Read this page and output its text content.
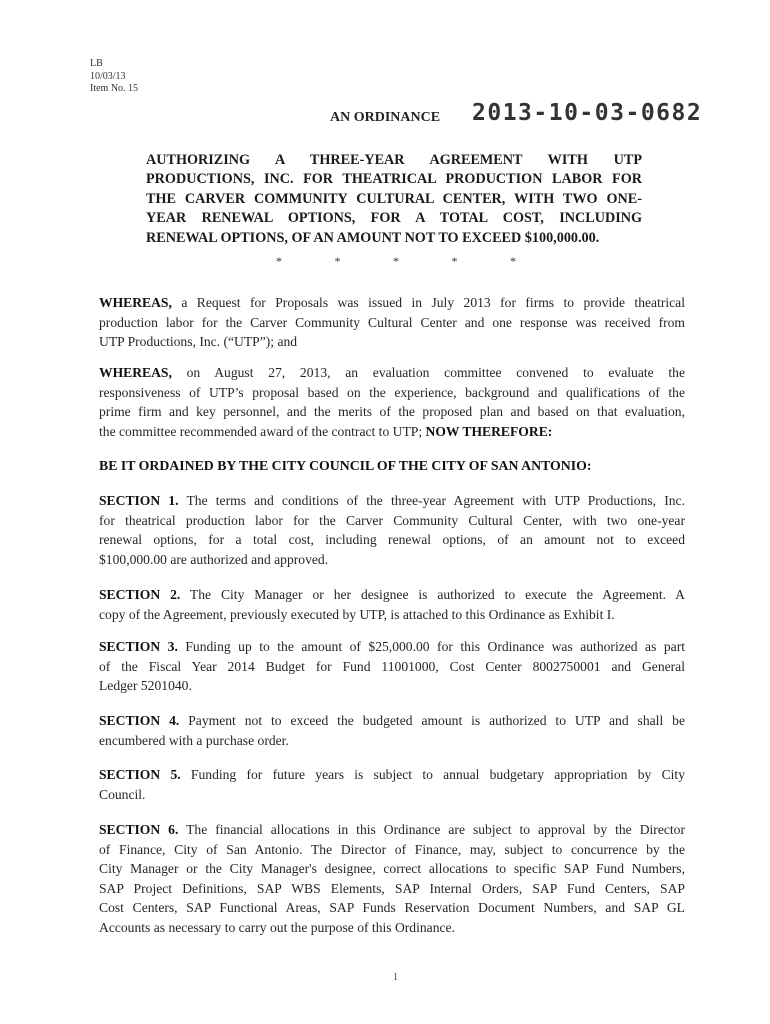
LB
10/03/13
Item No. 15
AN ORDINANCE 2013-10-03-0682
AUTHORIZING A THREE-YEAR AGREEMENT WITH UTP
PRODUCTIONS, INC. FOR THEATRICAL PRODUCTION LABOR FOR
THE CARVER COMMUNITY CULTURAL CENTER, WITH TWO ONE-
YEAR RENEWAL OPTIONS, FOR A TOTAL COST, INCLUDING
RENEWAL OPTIONS, OF AN AMOUNT NOT TO EXCEED $100,000.00.
*	*	*	*	*
WHEREAS, a Request for Proposals was issued in July 2013 for firms to provide theatrical
production labor for the Carver Community Cultural Center and one response was received from
UTP Productions, Inc. (“UTP”); and
WHEREAS, on August 27, 2013, an evaluation committee convened to evaluate the
responsiveness of UTP’s proposal based on the experience, background and qualifications of the
prime firm and key personnel, and the merits of the proposed plan and based on that evaluation,
the committee recommended award of the contract to UTP; NOW THEREFORE:
BE IT ORDAINED BY THE CITY COUNCIL OF THE CITY OF SAN ANTONIO:
SECTION 1. The terms and conditions of the three-year Agreement with UTP Productions, Inc.
for theatrical production labor for the Carver Community Cultural Center, with two one-year
renewal options, for a total cost, including renewal options, of an amount not to exceed
$100,000.00 are authorized and approved.
SECTION 2. The City Manager or her designee is authorized to execute the Agreement. A
copy of the Agreement, previously executed by UTP, is attached to this Ordinance as Exhibit I.
SECTION 3. Funding up to the amount of $25,000.00 for this Ordinance was authorized as part
of the Fiscal Year 2014 Budget for Fund 11001000, Cost Center 8002750001 and General
Ledger 5201040.
SECTION 4. Payment not to exceed the budgeted amount is authorized to UTP and shall be
encumbered with a purchase order.
SECTION 5. Funding for future years is subject to annual budgetary appropriation by City
Council.
SECTION 6. The financial allocations in this Ordinance are subject to approval by the Director
of Finance, City of San Antonio. The Director of Finance, may, subject to concurrence by the
City Manager or the City Manager's designee, correct allocations to specific SAP Fund Numbers,
SAP Project Definitions, SAP WBS Elements, SAP Internal Orders, SAP Fund Centers, SAP
Cost Centers, SAP Functional Areas, SAP Funds Reservation Document Numbers, and SAP GL
Accounts as necessary to carry out the purpose of this Ordinance.
1
